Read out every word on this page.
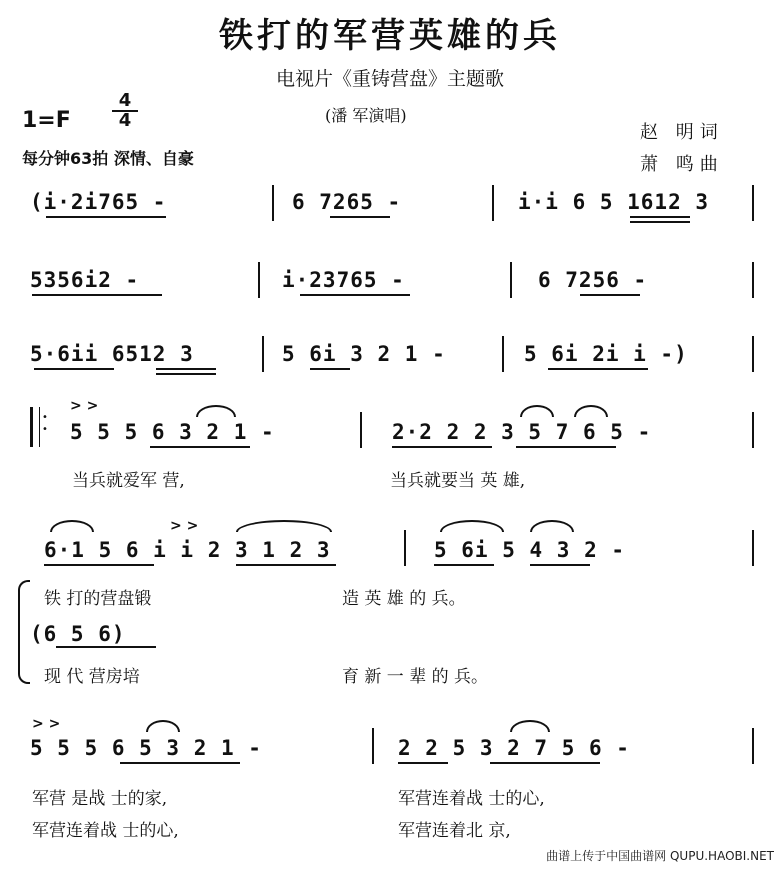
铁打的军营英雄的兵
电视片《重铸营盘》主题歌
(潘 军演唱)
1=F
4
4
每分钟63拍 深情、自豪
赵 明词
萧 鸣曲
(i·2i765 -	6 7265 -	i·i 6 5 1612 3
5356i2 -	i·23765 -	6 7256 -
5·6ii 6512 3	5 6i 3 2 1 -	5 6i 2i i -)
•
•
> >
5 5 5 6 3 2 1 -	2·2 2 2 3 5 7 6 5 -
当兵就爱军 营,	当兵就要当 英 雄,
> >
6·1 5 6 i i 2 3 1 2 3	5 6i 5 4 3 2 -
铁 打的营盘锻	造 英 雄 的 兵。
(6 5 6)
现 代 营房培	育 新 一 辈 的 兵。
> >
5 5 5 6 5 3 2 1 -	2 2 5 3 2 7 5 6 -
军营 是战 士的家,	军营连着战 士的心,
军营连着战 士的心,	军营连着北 京,
曲谱上传于中国曲谱网 QUPU.HAOBI.NET
